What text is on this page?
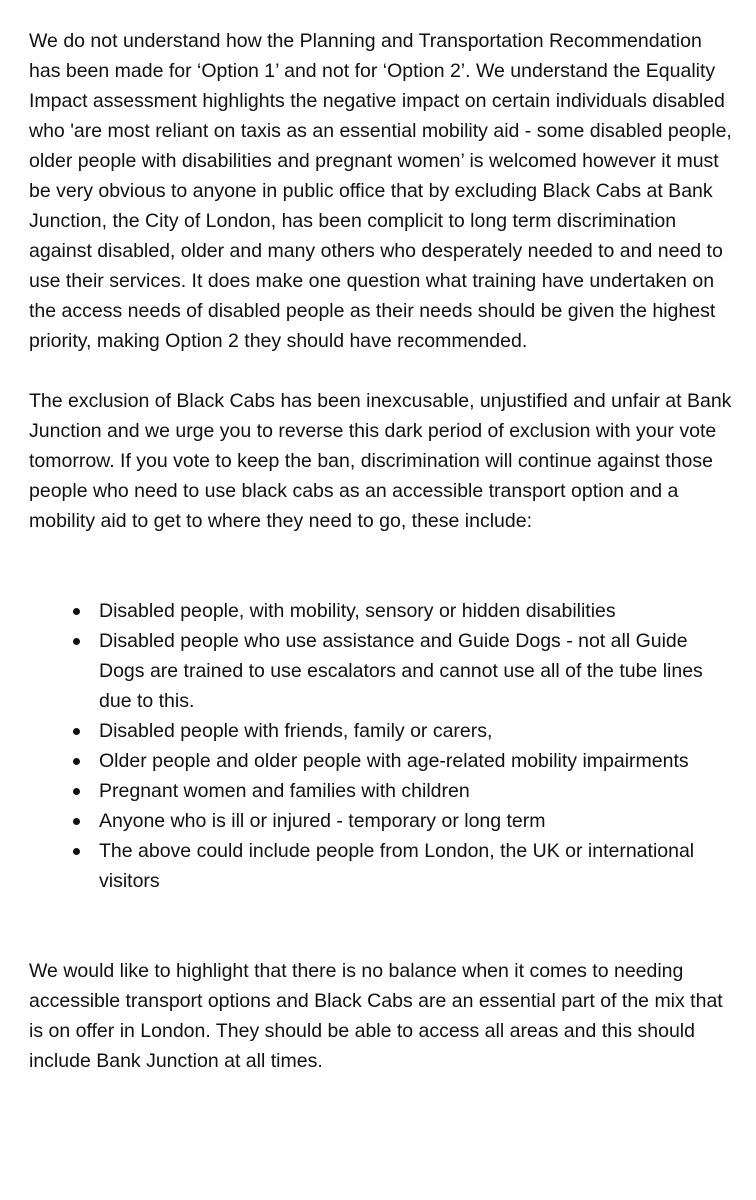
We do not understand how the Planning and Transportation Recommendation has been made for ‘Option 1’ and not for ‘Option 2’. We understand the Equality Impact assessment highlights the negative impact on certain individuals disabled who 'are most reliant on taxis as an essential mobility aid - some disabled people, older people with disabilities and pregnant women’ is welcomed however it must be very obvious to anyone in public office that by excluding Black Cabs at Bank Junction, the City of London, has been complicit to long term discrimination against disabled, older and many others who desperately needed to and need to use their services. It does make one question what training have undertaken on the access needs of disabled people as their needs should be given the highest priority, making Option 2 they should have recommended.

The exclusion of Black Cabs has been inexcusable, unjustified and unfair at Bank Junction and we urge you to reverse this dark period of exclusion with your vote tomorrow. If you vote to keep the ban, discrimination will continue against those people who need to use black cabs as an accessible transport option and a mobility aid to get to where they need to go, these include:

Disabled people, with mobility, sensory or hidden disabilities
Disabled people who use assistance and Guide Dogs - not all Guide Dogs are trained to use escalators and cannot use all of the tube lines due to this.
Disabled people with friends, family or carers,
Older people and older people with age-related mobility impairments
Pregnant women and families with children
Anyone who is ill or injured - temporary or long term
The above could include people from London, the UK or international visitors

We would like to highlight that there is no balance when it comes to needing accessible transport options and Black Cabs are an essential part of the mix that is on offer in London. They should be able to access all areas and this should include Bank Junction at all times.
